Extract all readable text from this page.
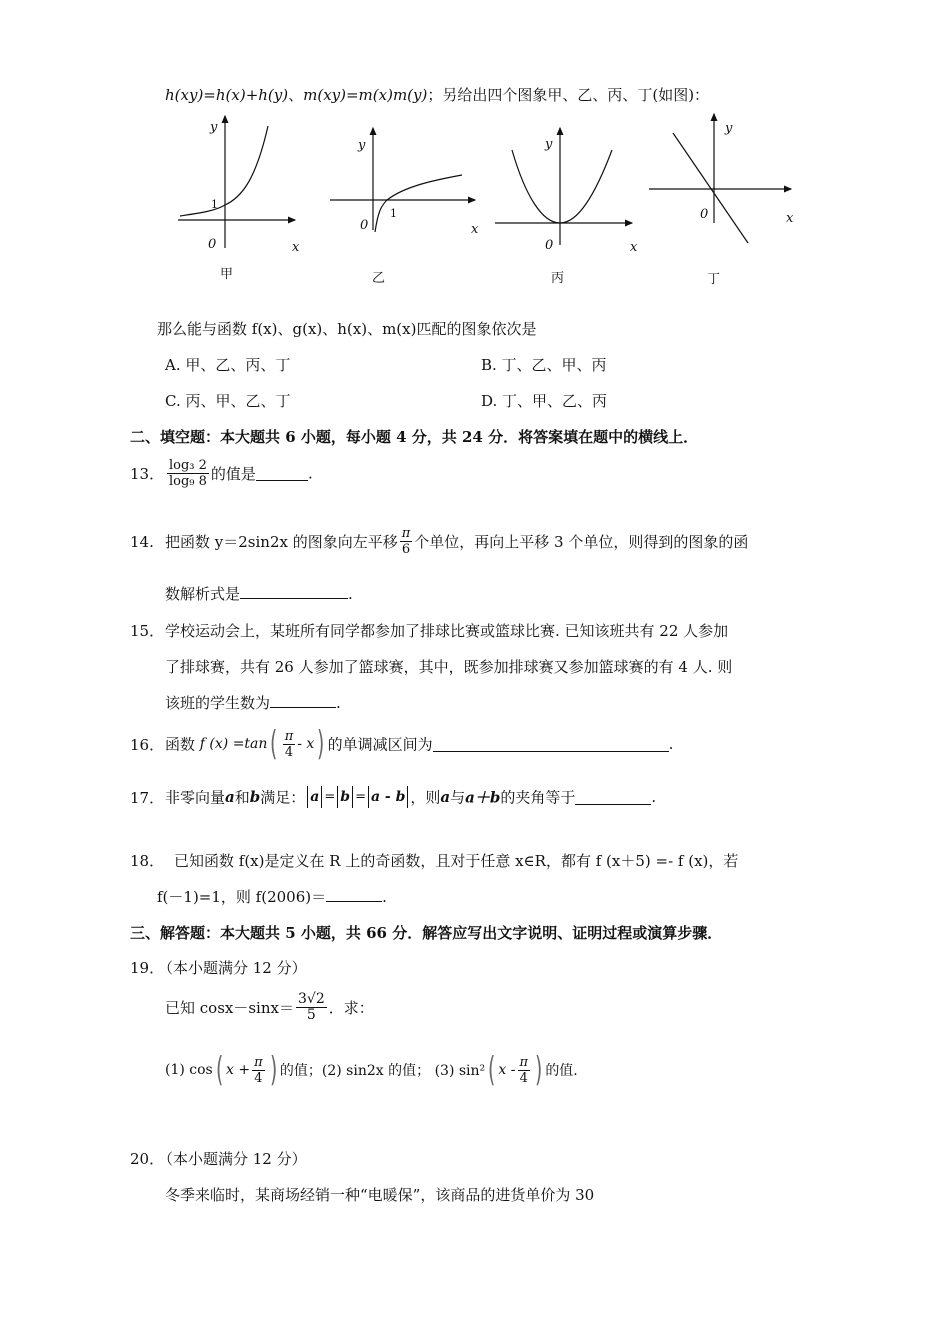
h(xy)=h(x)+h(y)、m(xy)=m(x)m(y)；另给出四个图象甲、乙、丙、丁(如图)：
y
1
0	x
甲
y
1
0	x
乙
y
0	x
丙
y
0	x
丁
那么能与函数 f(x)、g(x)、h(x)、m(x)匹配的图象依次是
A. 甲、乙、丙、丁	B. 丁、乙、甲、丙
C. 丙、甲、乙、丁	D. 丁、甲、乙、丙
二、填空题：本大题共 6 小题，每小题 4 分，共 24 分．将答案填在题中的横线上．
13． $\frac{\text{log₃ 2}}{\text{log₉ 8}}$ 的值是	.
14. 把函数 y＝2sin2x 的图象向左平移 $\frac{\pi}{6}$ 个单位，再向上平移 3 个单位，则得到的图象的函
数解析式是	.
15． 学校运动会上，某班所有同学都参加了排球比赛或篮球比赛. 已知该班共有 22 人参加
了排球赛，共有 26 人参加了篮球赛，其中，既参加排球赛又参加篮球赛的有 4 人. 则
该班的学生数为	.
16．函数 f $(x) =\tan( \frac{\pi}{4} - x)$ 的单调减区间为	.
17．非零向量a和b满足： a = b = a - b ，则a与a＋b的夹角等于	.
18． 已知函数 f(x)是定义在 R 上的奇函数，且对于任意 x∈R，都有 f (x＋5) =- f (x)，若
f(－1)=1，则 f(2006)＝	.
三、解答题：本大题共 5 小题，共 66 分．解答应写出文字说明、证明过程或演算步骤．
19．
（本小题满分 12 分）
已知 $\cos x-\sin x= \frac{3√2}{5}$ ．求：
(1) cos( $x + \frac{\pi}{4}$ ) 的值；(2) sin2x 的值； (3) sin²( x - $\frac{\pi}{4}$ ) 的值.
20．
（本小题满分 12 分）
冬季来临时，某商场经销一种“电暖保”，该商品的进货单价为 30
